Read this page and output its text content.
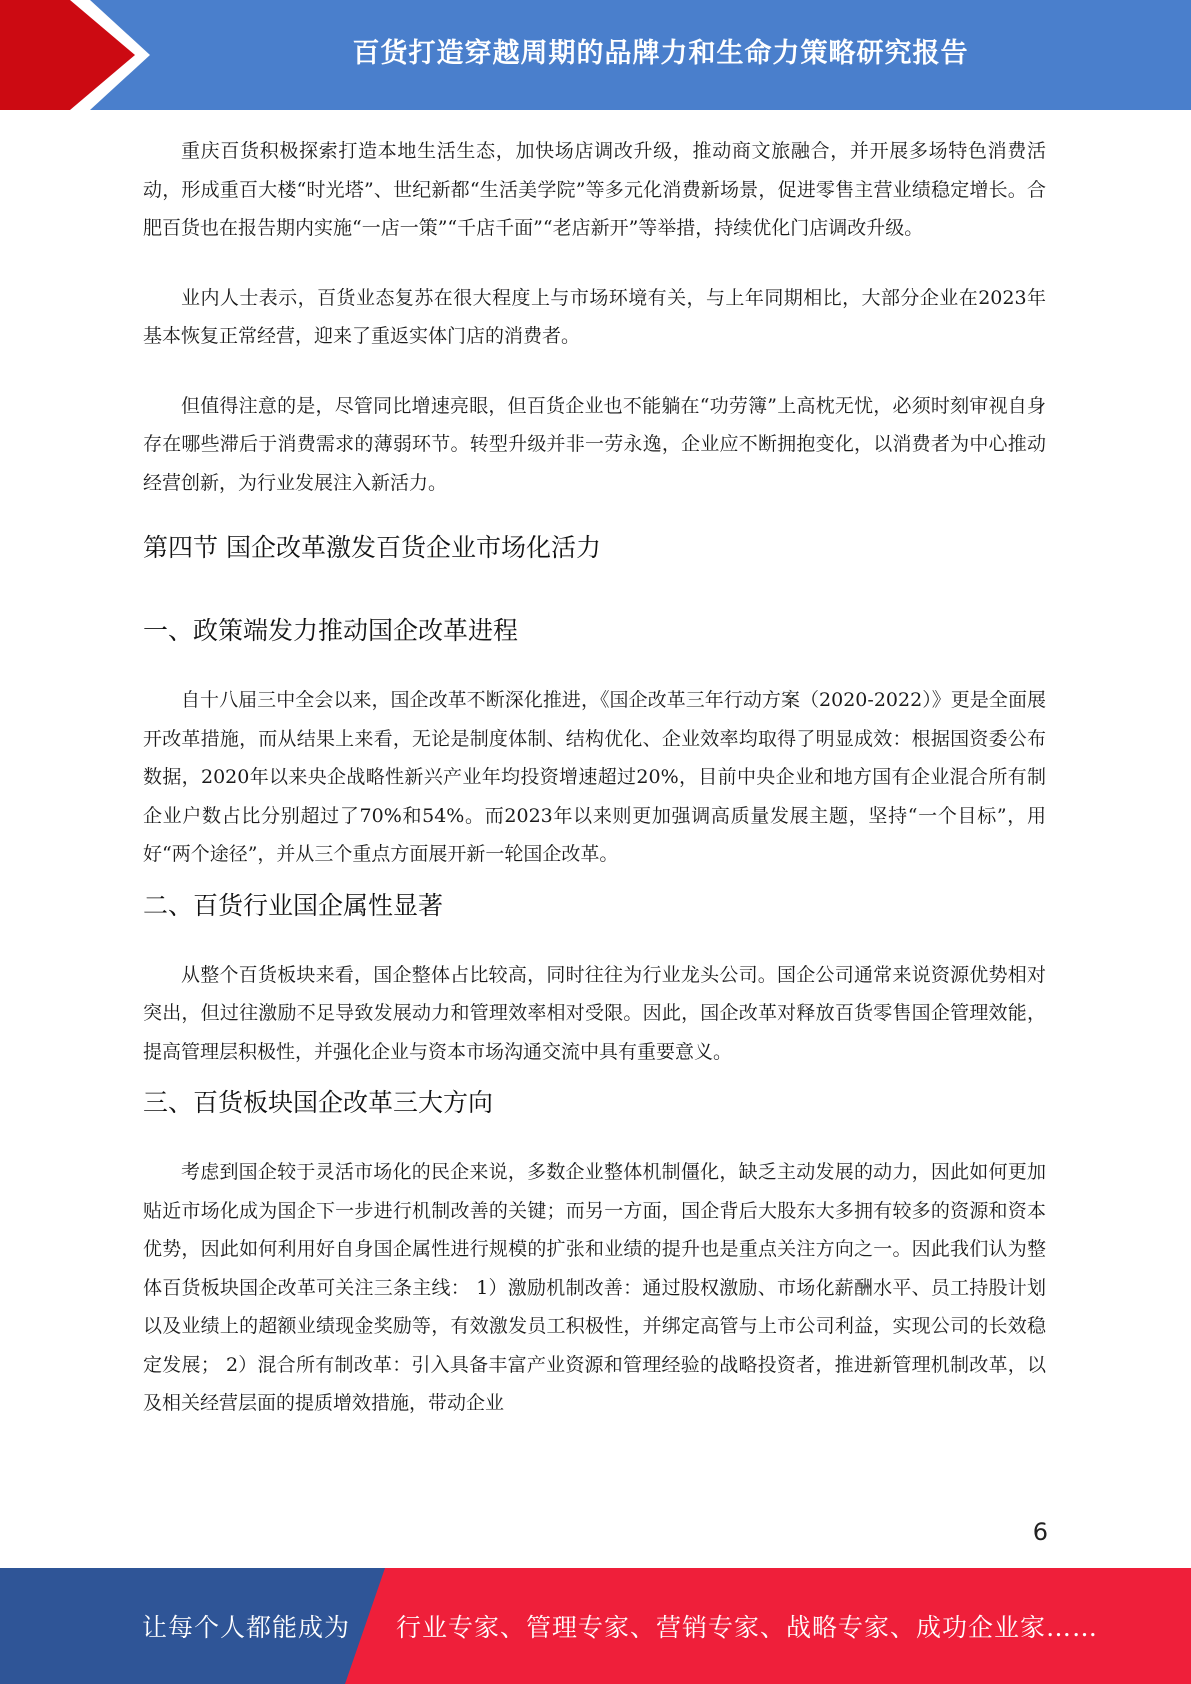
百货打造穿越周期的品牌力和生命力策略研究报告

重庆百货积极探索打造本地生活生态，加快场店调改升级，推动商文旅融合，并开展多场特色消费活动，形成重百大楼“时光塔”、世纪新都“生活美学院”等多元化消费新场景，促进零售主营业绩稳定增长。合肥百货也在报告期内实施“一店一策”“千店千面”“老店新开”等举措，持续优化门店调改升级。

业内人士表示，百货业态复苏在很大程度上与市场环境有关，与上年同期相比，大部分企业在2023年基本恢复正常经营，迎来了重返实体门店的消费者。

但值得注意的是，尽管同比增速亮眼，但百货企业也不能躺在“功劳簿”上高枕无忧，必须时刻审视自身存在哪些滞后于消费需求的薄弱环节。转型升级并非一劳永逸，企业应不断拥抱变化，以消费者为中心推动经营创新，为行业发展注入新活力。

第四节 国企改革激发百货企业市场化活力
一、政策端发力推动国企改革进程

自十八届三中全会以来，国企改革不断深化推进，《国企改革三年行动方案（2020-2022）》更是全面展开改革措施，而从结果上来看，无论是制度体制、结构优化、企业效率均取得了明显成效：根据国资委公布数据，2020年以来央企战略性新兴产业年均投资增速超过20%，目前中央企业和地方国有企业混合所有制企业户数占比分别超过了70%和54%。而2023年以来则更加强调高质量发展主题，坚持“一个目标”，用好“两个途径”，并从三个重点方面展开新一轮国企改革。

二、百货行业国企属性显著

从整个百货板块来看，国企整体占比较高，同时往往为行业龙头公司。国企公司通常来说资源优势相对突出，但过往激励不足导致发展动力和管理效率相对受限。因此，国企改革对释放百货零售国企管理效能，提高管理层积极性，并强化企业与资本市场沟通交流中具有重要意义。

三、百货板块国企改革三大方向

考虑到国企较于灵活市场化的民企来说，多数企业整体机制僵化，缺乏主动发展的动力，因此如何更加贴近市场化成为国企下一步进行机制改善的关键；而另一方面，国企背后大股东大多拥有较多的资源和资本优势，因此如何利用好自身国企属性进行规模的扩张和业绩的提升也是重点关注方向之一。因此我们认为整体百货板块国企改革可关注三条主线： 1）激励机制改善：通过股权激励、市场化薪酬水平、员工持股计划以及业绩上的超额业绩现金奖励等，有效激发员工积极性，并绑定高管与上市公司利益，实现公司的长效稳定发展； 2）混合所有制改革：引入具备丰富产业资源和管理经验的战略投资者，推进新管理机制改革，以及相关经营层面的提质增效措施，带动企业

6
让每个人都能成为 行业专家、管理专家、营销专家、战略专家、成功企业家……
